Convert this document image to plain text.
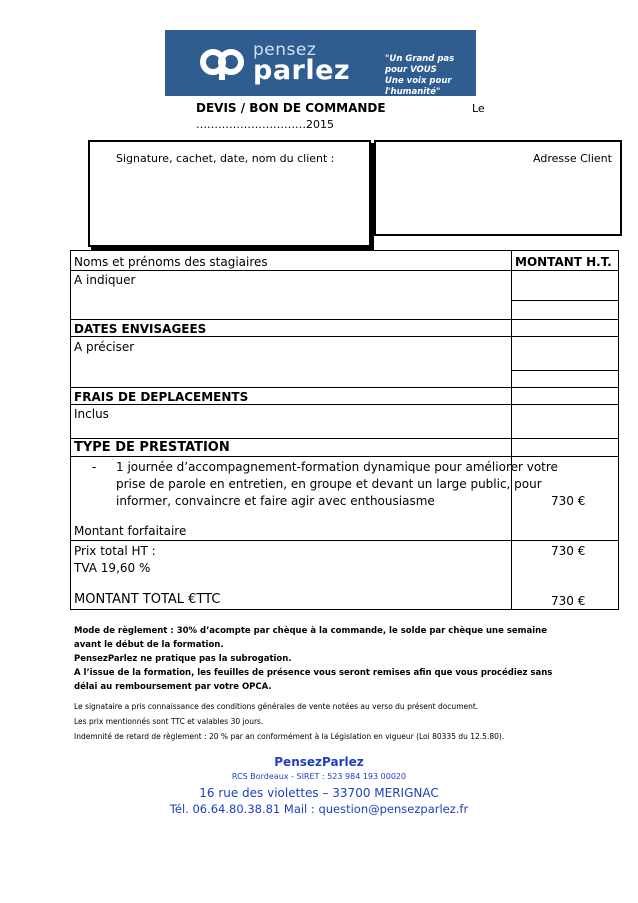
pensez
parlez	"Un Grand pas pour VOUS
Une voix pour l'humanité"
DEVIS / BON DE COMMANDE	Le
…………………………2015
Signature, cachet, date, nom du client :	Adresse Client
Noms et prénoms des stagiaires	MONTANT H.T.
A indiquer
DATES ENVISAGEES
A préciser
FRAIS DE DEPLACEMENTS
Inclus
TYPE DE PRESTATION
- 1 journée d’accompagnement-formation dynamique pour améliorer votre
prise de parole en entretien, en groupe et devant un large public, pour
informer, convaincre et faire agir avec enthousiasme	730 €
Montant forfaitaire
Prix total HT :	730 €
TVA 19,60 %
MONTANT TOTAL €TTC	730 €
Mode de règlement : 30% d’acompte par chèque à la commande, le solde par chèque une semaine
avant le début de la formation.
PensezParlez ne pratique pas la subrogation.
A l’issue de la formation, les feuilles de présence vous seront remises afin que vous procédiez sans
délai au remboursement par votre OPCA.
Le signataire a pris connaissance des conditions générales de vente notées au verso du présent document.
Les prix mentionnés sont TTC et valables 30 jours.
Indemnité de retard de règlement : 20 % par an conformément à la Législation en vigueur (Loi 80335 du 12.5.80).
PensezParlez
RCS Bordeaux - SIRET : 523 984 193 00020
16 rue des violettes – 33700 MERIGNAC
Tél. 06.64.80.38.81 Mail : question@pensezparlez.fr
